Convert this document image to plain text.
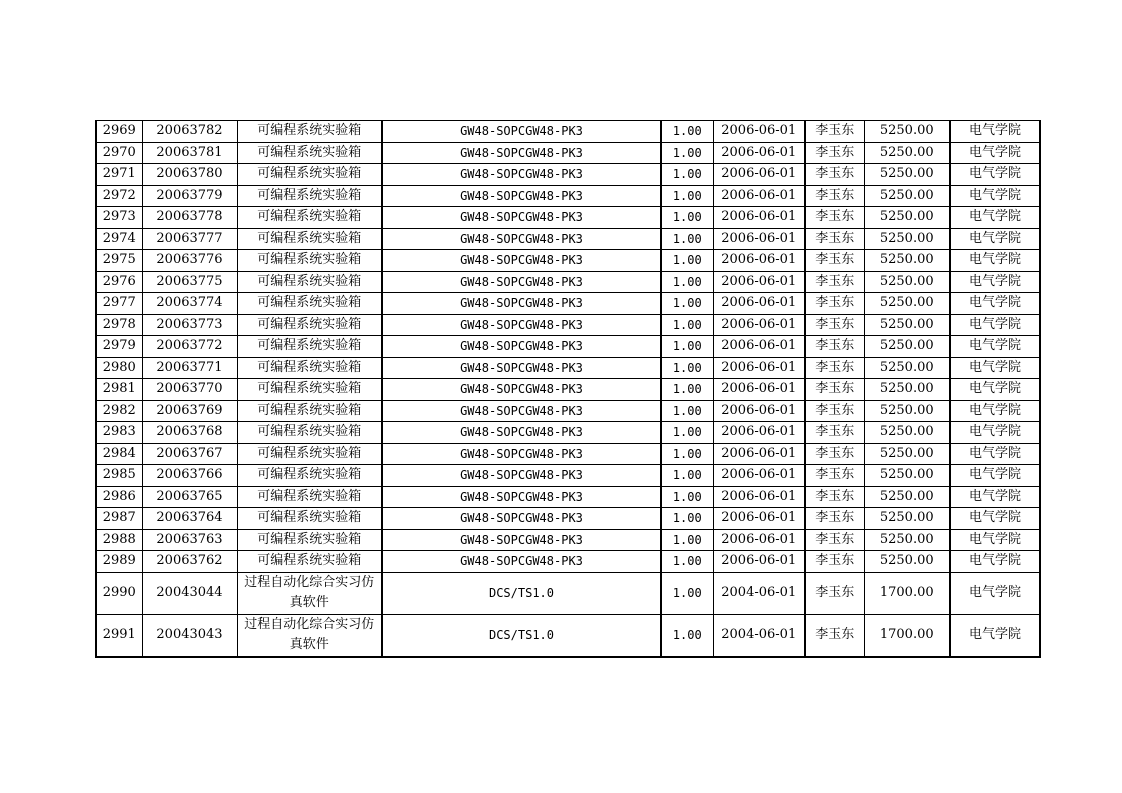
2969	20063782	可编程系统实验箱	GW48-SOPCGW48-PK3	1.00	2006-06-01	李玉东	5250.00	电气学院
2970	20063781	可编程系统实验箱	GW48-SOPCGW48-PK3	1.00	2006-06-01	李玉东	5250.00	电气学院
2971	20063780	可编程系统实验箱	GW48-SOPCGW48-PK3	1.00	2006-06-01	李玉东	5250.00	电气学院
2972	20063779	可编程系统实验箱	GW48-SOPCGW48-PK3	1.00	2006-06-01	李玉东	5250.00	电气学院
2973	20063778	可编程系统实验箱	GW48-SOPCGW48-PK3	1.00	2006-06-01	李玉东	5250.00	电气学院
2974	20063777	可编程系统实验箱	GW48-SOPCGW48-PK3	1.00	2006-06-01	李玉东	5250.00	电气学院
2975	20063776	可编程系统实验箱	GW48-SOPCGW48-PK3	1.00	2006-06-01	李玉东	5250.00	电气学院
2976	20063775	可编程系统实验箱	GW48-SOPCGW48-PK3	1.00	2006-06-01	李玉东	5250.00	电气学院
2977	20063774	可编程系统实验箱	GW48-SOPCGW48-PK3	1.00	2006-06-01	李玉东	5250.00	电气学院
2978	20063773	可编程系统实验箱	GW48-SOPCGW48-PK3	1.00	2006-06-01	李玉东	5250.00	电气学院
2979	20063772	可编程系统实验箱	GW48-SOPCGW48-PK3	1.00	2006-06-01	李玉东	5250.00	电气学院
2980	20063771	可编程系统实验箱	GW48-SOPCGW48-PK3	1.00	2006-06-01	李玉东	5250.00	电气学院
2981	20063770	可编程系统实验箱	GW48-SOPCGW48-PK3	1.00	2006-06-01	李玉东	5250.00	电气学院
2982	20063769	可编程系统实验箱	GW48-SOPCGW48-PK3	1.00	2006-06-01	李玉东	5250.00	电气学院
2983	20063768	可编程系统实验箱	GW48-SOPCGW48-PK3	1.00	2006-06-01	李玉东	5250.00	电气学院
2984	20063767	可编程系统实验箱	GW48-SOPCGW48-PK3	1.00	2006-06-01	李玉东	5250.00	电气学院
2985	20063766	可编程系统实验箱	GW48-SOPCGW48-PK3	1.00	2006-06-01	李玉东	5250.00	电气学院
2986	20063765	可编程系统实验箱	GW48-SOPCGW48-PK3	1.00	2006-06-01	李玉东	5250.00	电气学院
2987	20063764	可编程系统实验箱	GW48-SOPCGW48-PK3	1.00	2006-06-01	李玉东	5250.00	电气学院
2988	20063763	可编程系统实验箱	GW48-SOPCGW48-PK3	1.00	2006-06-01	李玉东	5250.00	电气学院
2989	20063762	可编程系统实验箱	GW48-SOPCGW48-PK3	1.00	2006-06-01	李玉东	5250.00	电气学院
2990	20043044	过程自动化综合实习仿真软件	DCS/TS1.0	1.00	2004-06-01	李玉东	1700.00	电气学院
2991	20043043	过程自动化综合实习仿真软件	DCS/TS1.0	1.00	2004-06-01	李玉东	1700.00	电气学院
